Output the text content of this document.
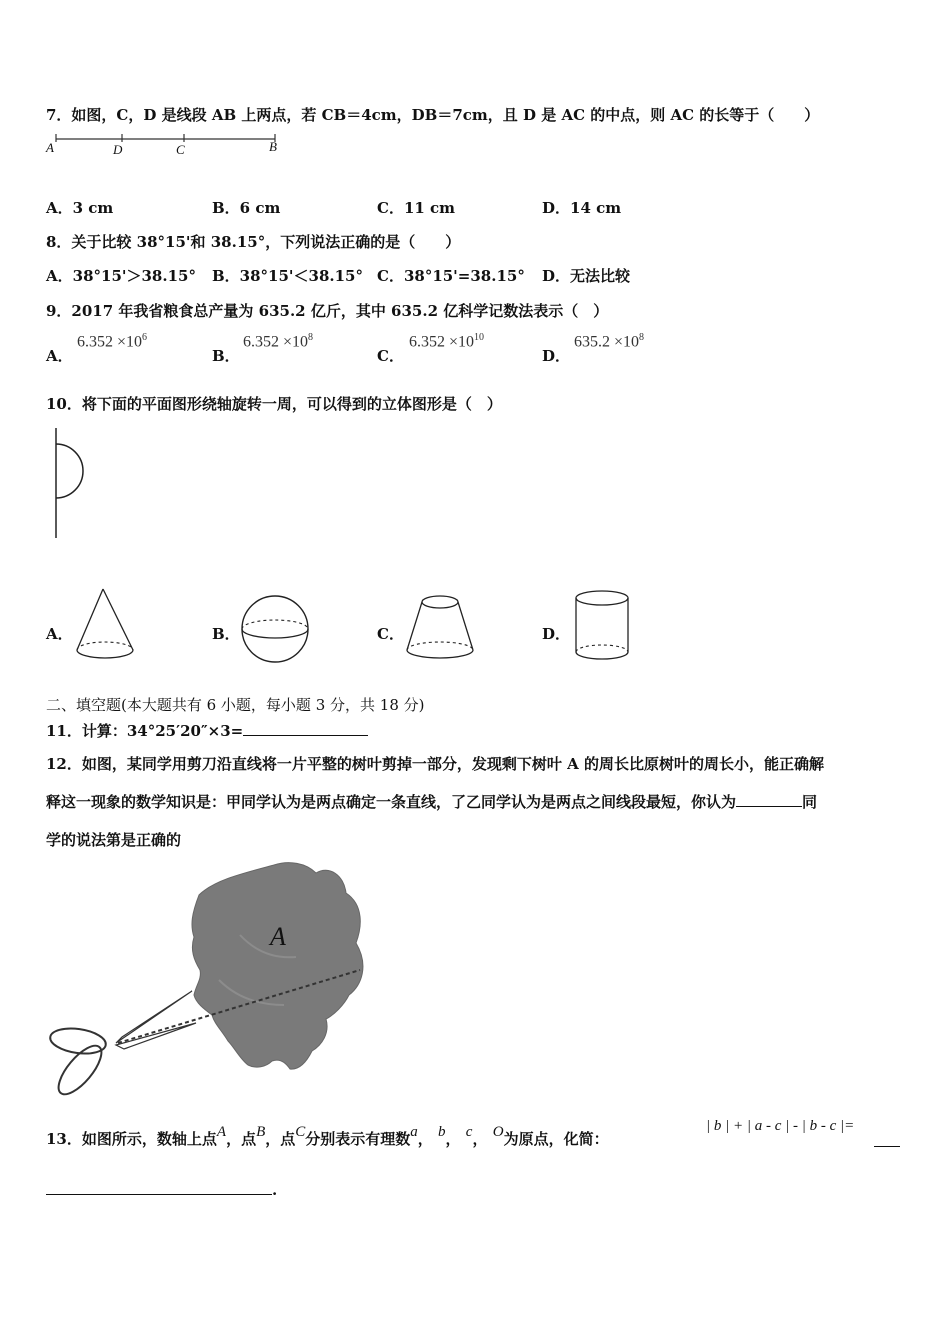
7．如图，C，D 是线段 AB 上两点，若 CB＝4cm，DB＝7cm，且 D 是 AC 的中点，则 AC 的长等于（　　）
A	D	C	B
A．3 cm	B．6 cm	C．11 cm	D．14 cm
8．关于比较 38°15'和 38.15°，下列说法正确的是（　　）
A．38°15'＞38.15° B．38°15'＜38.15° C．38°15'=38.15° D．无法比较
9．2017 年我省粮食总产量为 635.2 亿斤，其中 635.2 亿科学记数法表示（　）
A．
$6.352 \times 10^6$
B．
$6.352 \times 10^8$
C．
$6.352 \times 10^{10}$
D．
$635.2 \times 10^8$
10．将下面的平面图形绕轴旋转一周，可以得到的立体图形是（　）
A．	B．	C．	D．
二、填空题(本大题共有 6 小题，每小题 3 分，共 18 分)
11．计算：34°25′20″×3=
12．如图，某同学用剪刀沿直线将一片平整的树叶剪掉一部分，发现剩下树叶 A 的周长比原树叶的周长小，能正确解
释这一现象的数学知识是：甲同学认为是两点确定一条直线，了乙同学认为是两点之间线段最短，你认为	同
学的说法第是正确的
A
13．如图所示，数轴上点A，点B，点C分别表示有理数a， b， c， O为原点，化简：
| b | + | a - c | - | b - c |=
.
